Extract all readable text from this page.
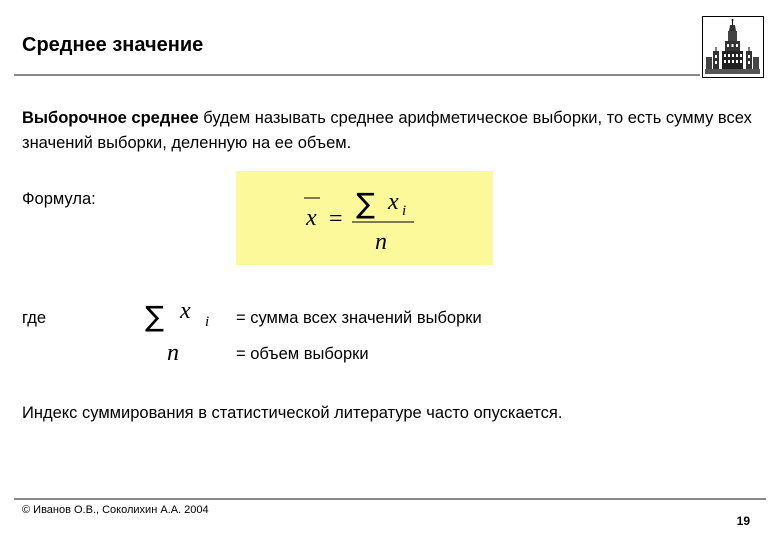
Среднее значение
Выборочное среднее будем называть среднее арифметическое выборки, то есть сумму всех значений выборки, деленную на ее объем.
Формула:
x = ∑ x i
n
где	∑ x i
n
= сумма всех значений выборки
= объем выборки
Индекс суммирования в статистической литературе часто опускается.
© Иванов О.В., Соколихин А.А. 2004
19
